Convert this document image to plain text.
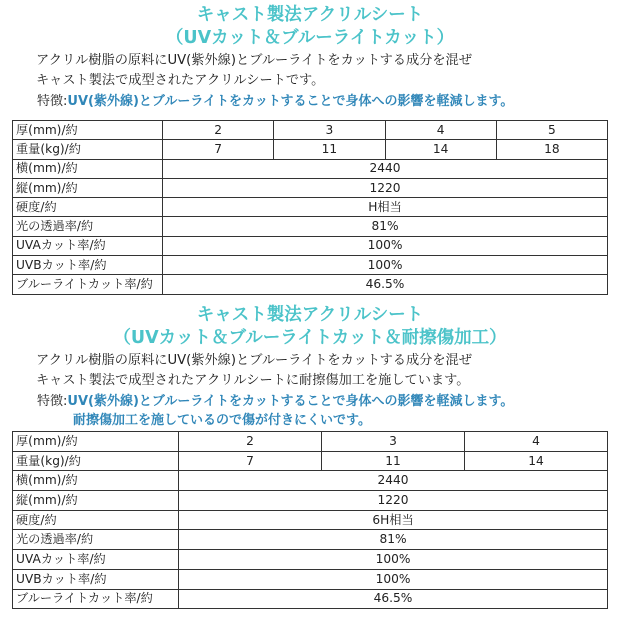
キャスト製法アクリルシート
（UVカット＆ブルーライトカット）
アクリル樹脂の原料にUV(紫外線)とブルーライトをカットする成分を混ぜ
キャスト製法で成型されたアクリルシートです。
特徴:UV(紫外線)とブルーライトをカットすることで身体への影響を軽減します。
厚(mm)/約	2	3	4	5
重量(kg)/約	7	11	14	18
横(mm)/約	2440			
縦(mm)/約	1220			
硬度/約	H相当			
光の透過率/約	81%			
UVAカット率/約	100%			
UVBカット率/約	100%			
ブルーライトカット率/約	46.5%			
キャスト製法アクリルシート
（UVカット＆ブルーライトカット＆耐擦傷加工）
アクリル樹脂の原料にUV(紫外線)とブルーライトをカットする成分を混ぜ
キャスト製法で成型されたアクリルシートに耐擦傷加工を施しています。
特徴:UV(紫外線)とブルーライトをカットすることで身体への影響を軽減します。
耐擦傷加工を施しているので傷が付きにくいです。
厚(mm)/約	2	3	4
重量(kg)/約	7	11	14
横(mm)/約	2440		
縦(mm)/約	1220		
硬度/約	6H相当		
光の透過率/約	81%		
UVAカット率/約	100%		
UVBカット率/約	100%		
ブルーライトカット率/約	46.5%		
